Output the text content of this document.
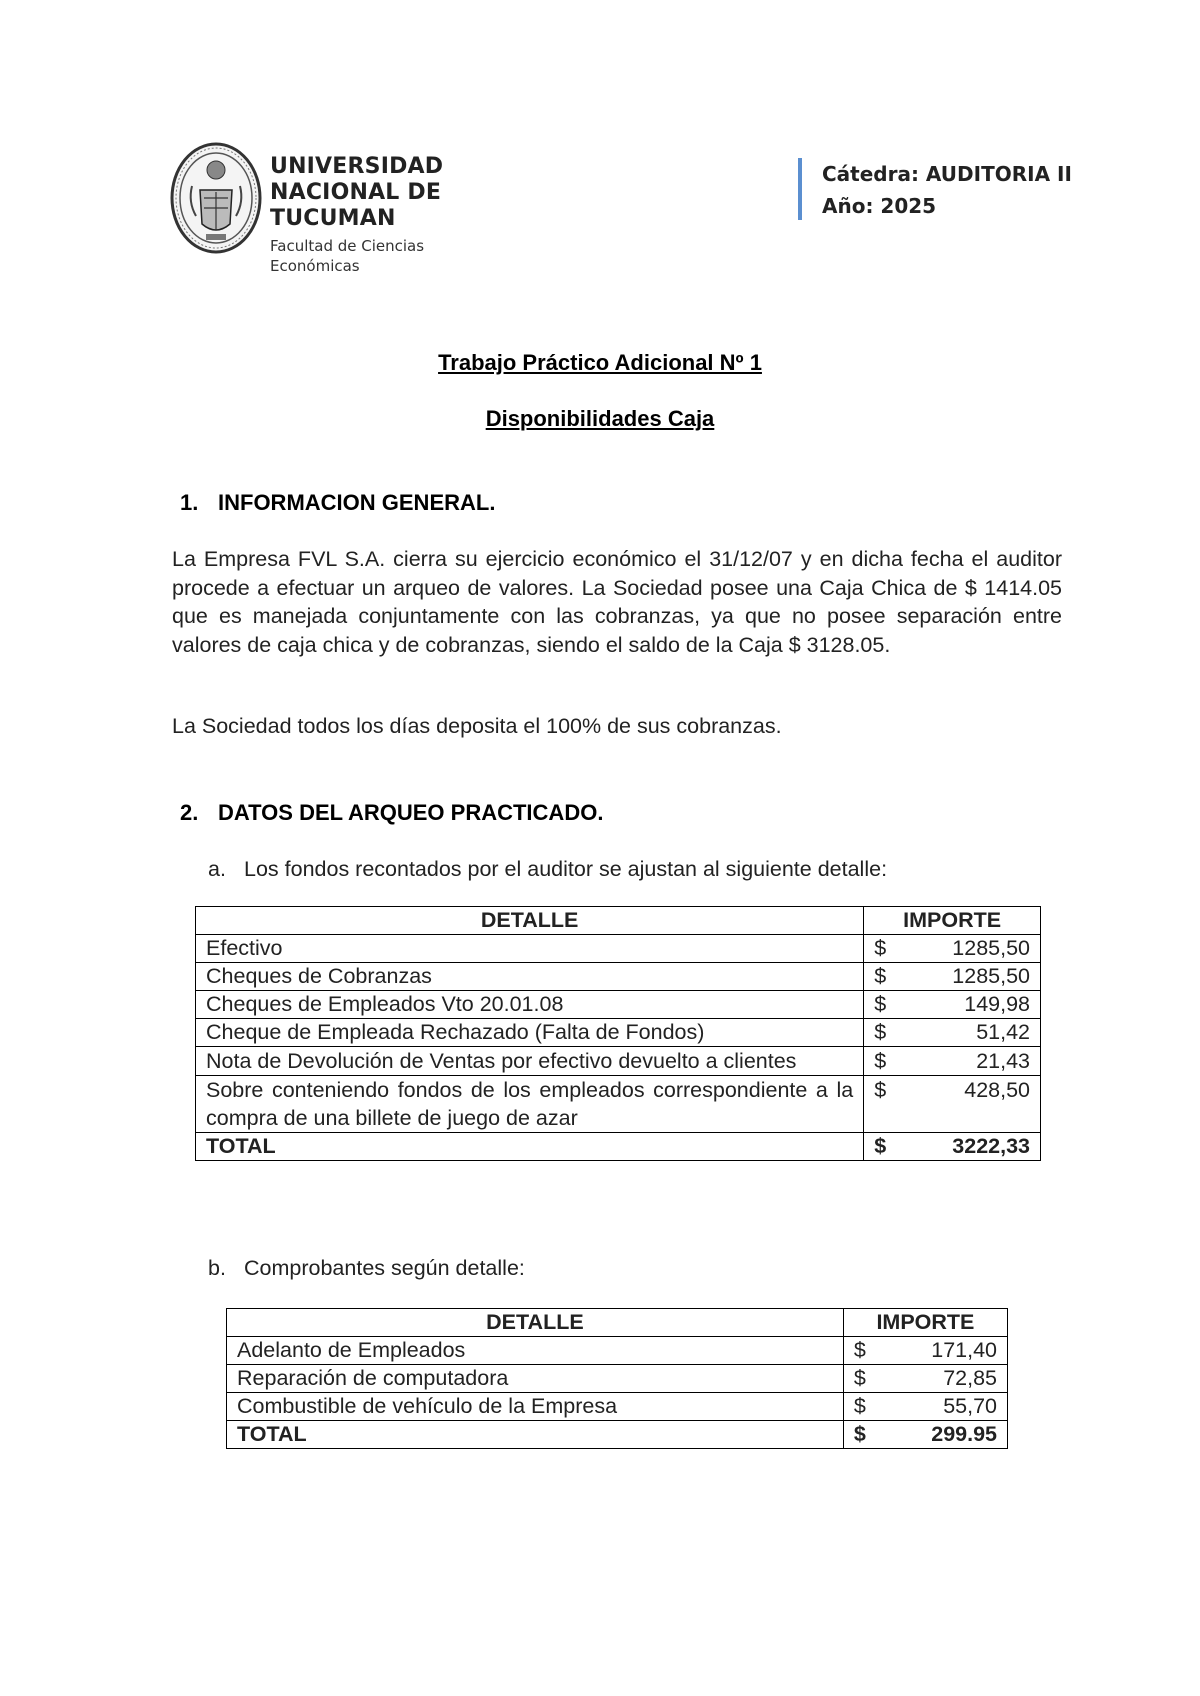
UNIVERSIDAD
NACIONAL DE
TUCUMAN
Facultad de Ciencias Económicas
Cátedra: AUDITORIA II
Año: 2025
Trabajo Práctico Adicional Nº 1
Disponibilidades Caja
1. INFORMACION GENERAL.
La Empresa FVL S.A. cierra su ejercicio económico el 31/12/07 y en dicha fecha el auditor procede a efectuar un arqueo de valores. La Sociedad posee una Caja Chica de $ 1414.05 que es manejada conjuntamente con las cobranzas, ya que no posee separación entre valores de caja chica y de cobranzas, siendo el saldo de la Caja $ 3128.05.
La Sociedad todos los días deposita el 100% de sus cobranzas.
2. DATOS DEL ARQUEO PRACTICADO.
a. Los fondos recontados por el auditor se ajustan al siguiente detalle:
DETALLE	IMPORTE
Efectivo	$ 1285,50
Cheques de Cobranzas	$ 1285,50
Cheques de Empleados Vto 20.01.08	$ 149,98
Cheque de Empleada Rechazado (Falta de Fondos)	$ 51,42
Nota de Devolución de Ventas por efectivo devuelto a clientes	$ 21,43
Sobre conteniendo fondos de los empleados correspondiente a la compra de una billete de juego de azar	$ 428,50
TOTAL	$ 3222,33
b. Comprobantes según detalle:
DETALLE	IMPORTE
Adelanto de Empleados	$ 171,40
Reparación de computadora	$ 72,85
Combustible de vehículo de la Empresa	$ 55,70
TOTAL	$ 299.95
